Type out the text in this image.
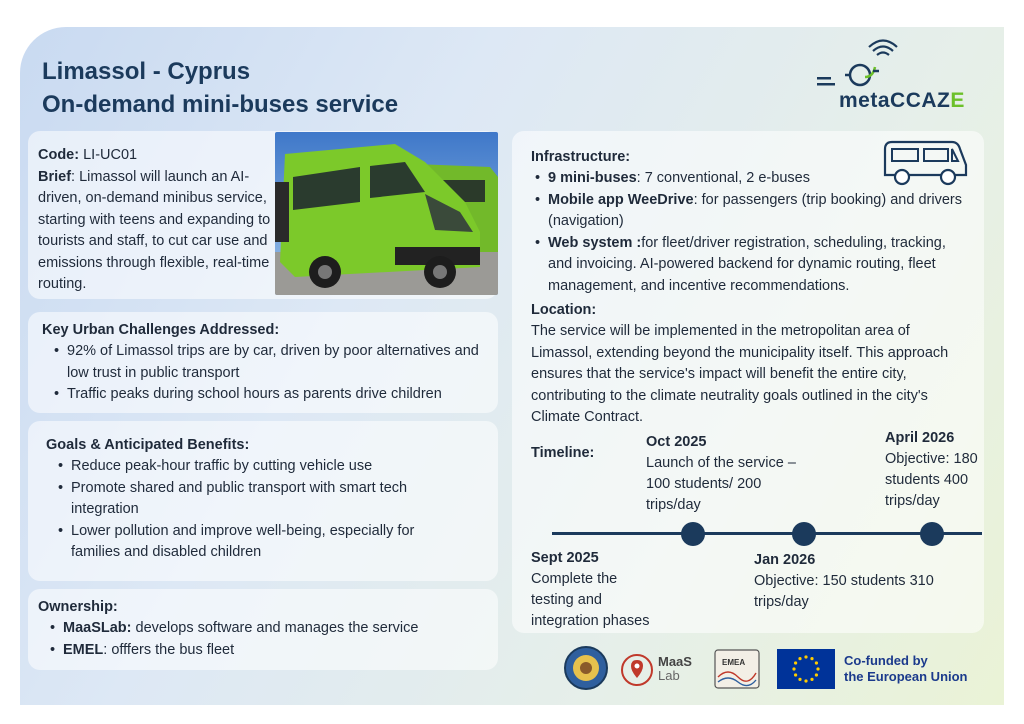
Limassol - Cyprus
On-demand mini-buses service	metaCCAZE
Code: LI-UC01
Brief: Limassol will launch an AI-driven, on-demand minibus service, starting with teens and expanding to tourists and staff, to cut car use and emissions through flexible, real-time routing.
Key Urban Challenges Addressed:
• 92% of Limassol trips are by car, driven by poor alternatives and low trust in public transport
• Traffic peaks during school hours as parents drive children
Goals & Anticipated Benefits:
• Reduce peak-hour traffic by cutting vehicle use
• Promote shared and public transport with smart tech integration
• Lower pollution and improve well-being, especially for families and disabled children
Ownership:
• MaaSLab: develops software and manages the service
• EMEL: offfers the bus fleet
Infrastructure:
• 9 mini-buses: 7 conventional, 2 e-buses
• Mobile app WeeDrive: for passengers (trip booking) and drivers (navigation)
• Web system :for fleet/driver registration, scheduling, tracking, and invoicing. AI-powered backend for dynamic routing, fleet management, and incentive recommendations.
Location:

The service will be implemented in the metropolitan area of Limassol, extending beyond the municipality itself. This approach ensures that the service's impact will benefit the entire city, contributing to the climate neutrality goals outlined in the city's Climate Contract.

Timeline:
Oct 2025
Launch of the service – 100 students/ 200 trips/day
April 2026
Objective: 180 students 400 trips/day
Sept 2025
Complete the testing and integration phases
Jan 2026
Objective: 150 students 310 trips/day
MaaS
Lab
EMEA	Co-funded by
the European Union
